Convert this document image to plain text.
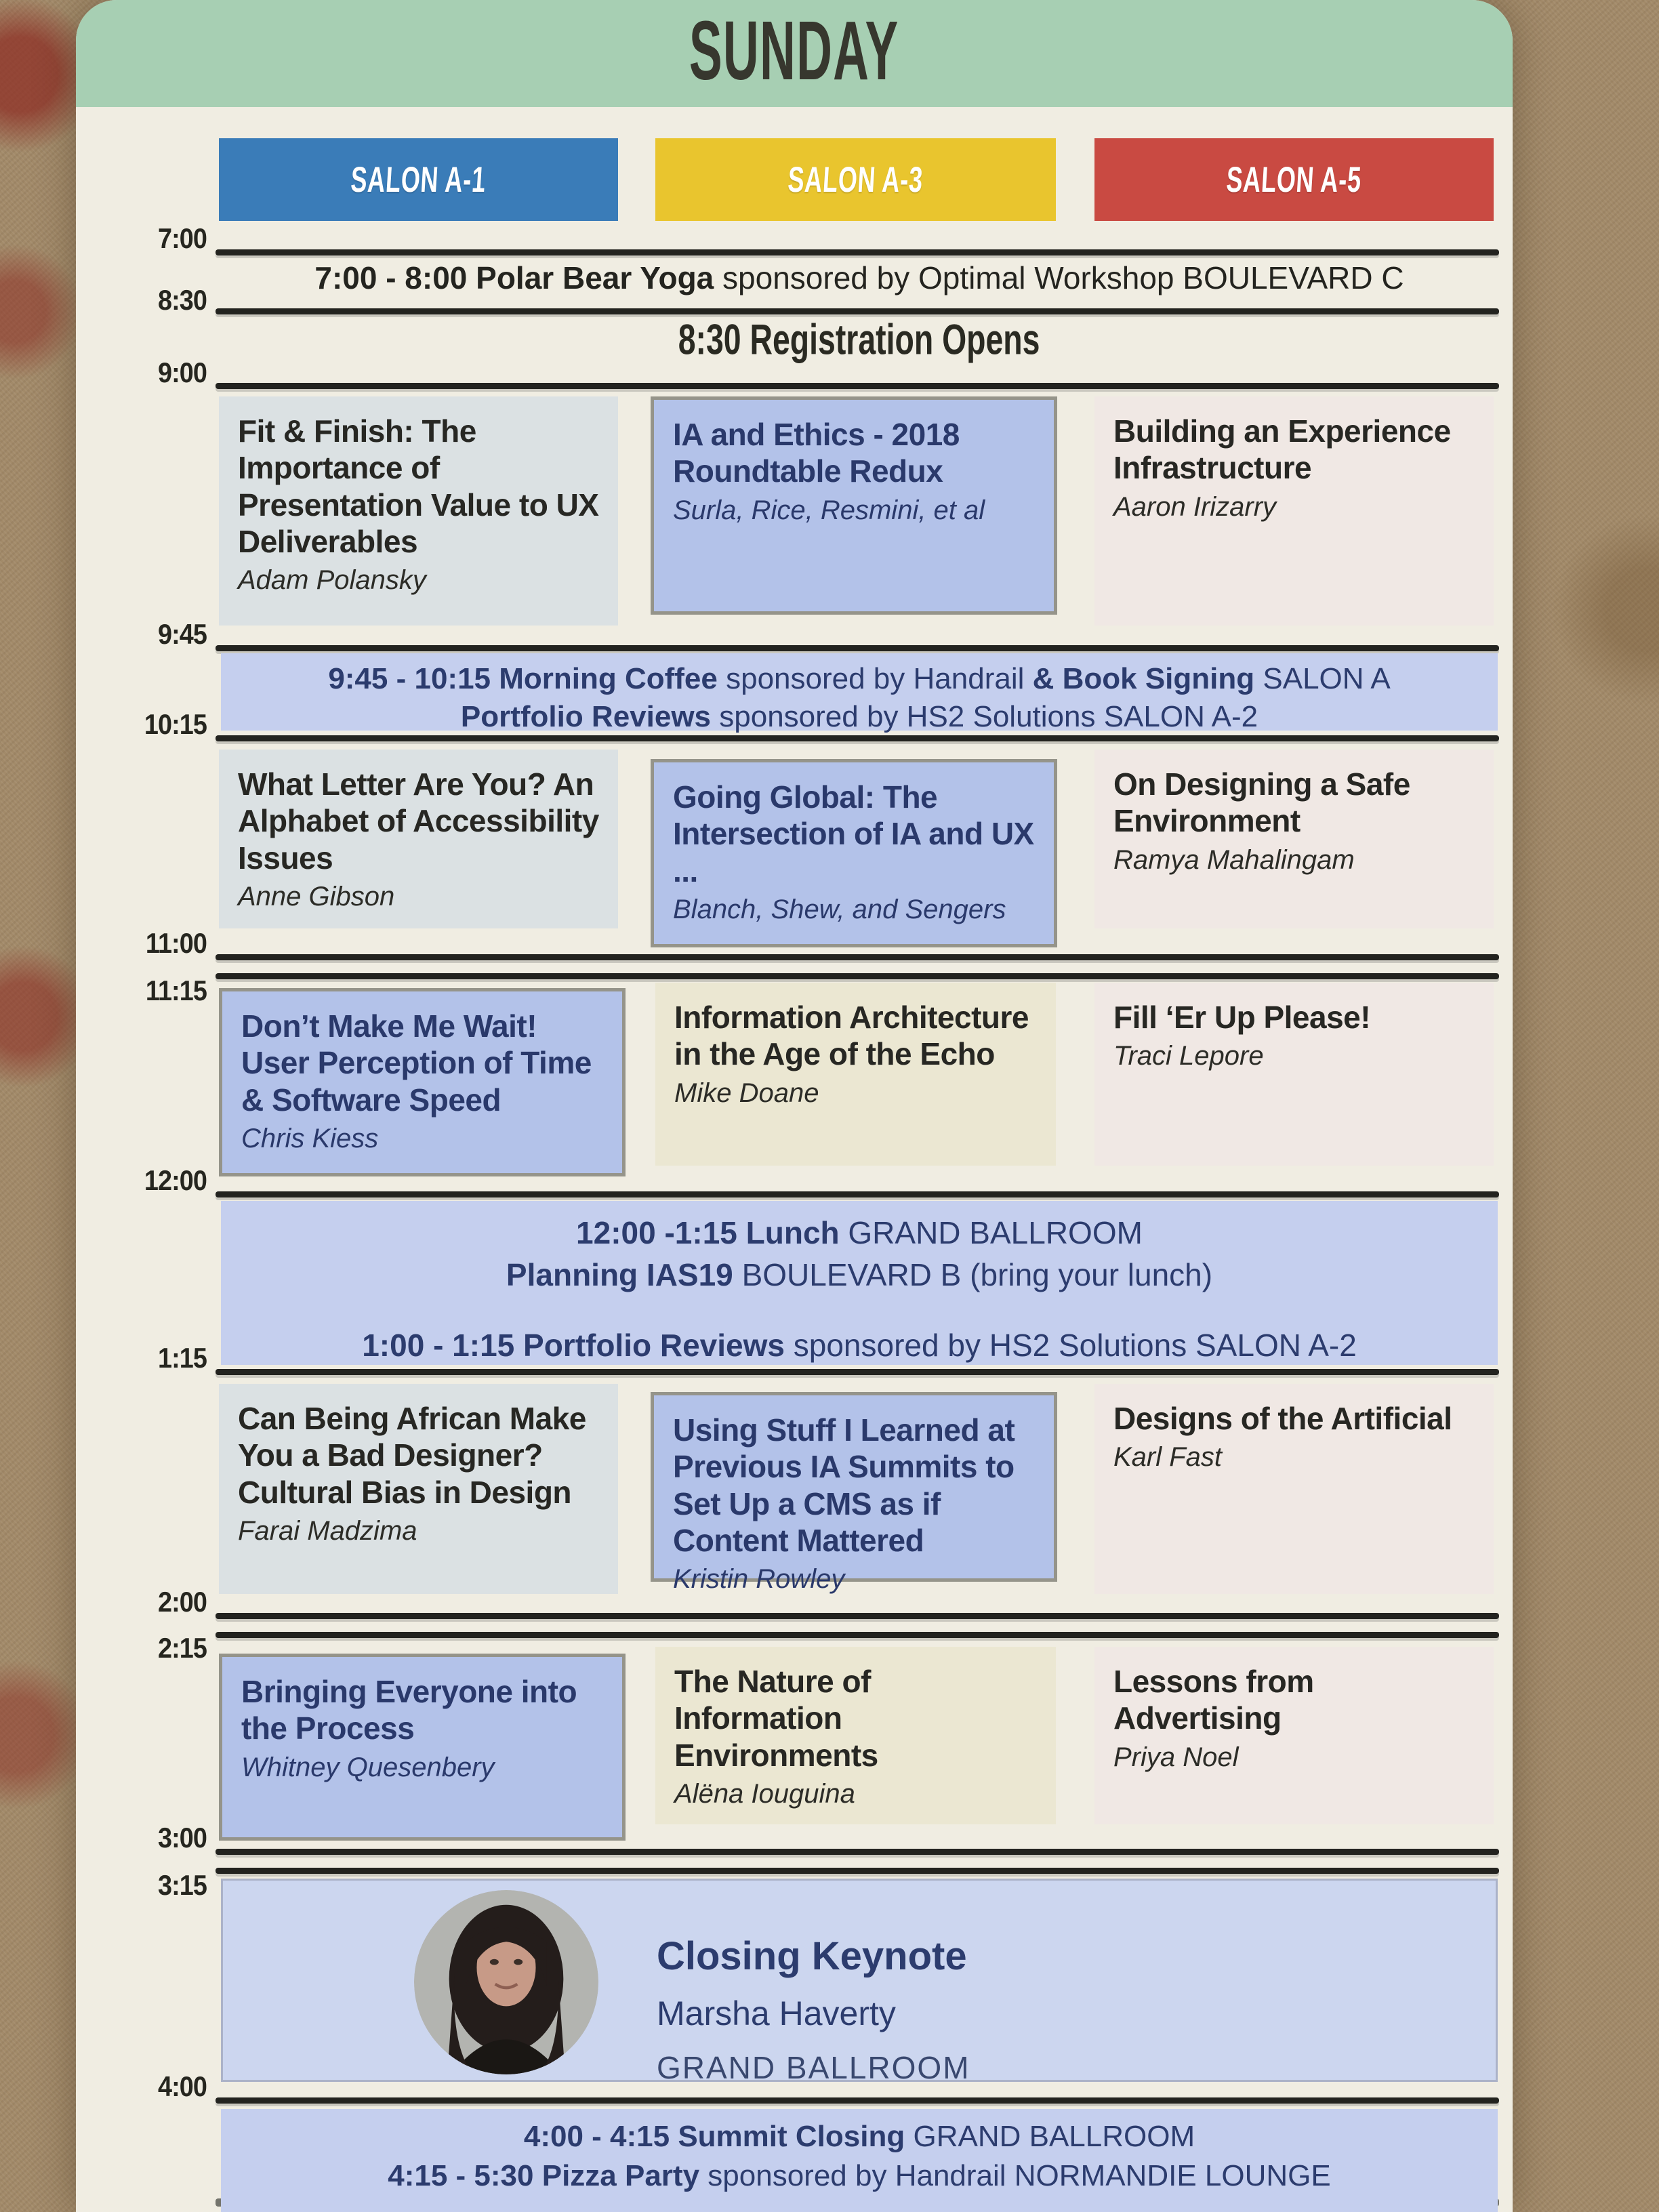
SUNDAY
SALON A-1	SALON A-3	SALON A-5
7:00
8:30
9:00
9:45
10:15
11:00
11:15
12:00
1:15
2:00
2:15
3:00
3:15
4:00
7:00 - 8:00 Polar Bear Yoga sponsored by Optimal Workshop BOULEVARD C
8:30 Registration Opens
Fit & Finish: The Importance of Presentation Value to UX Deliverables
Adam Polansky
IA and Ethics - 2018 Roundtable Redux
Surla, Rice, Resmini, et al
Building an Experience Infrastructure
Aaron Irizarry
9:45 - 10:15 Morning Coffee sponsored by Handrail & Book Signing SALON A
Portfolio Reviews sponsored by HS2 Solutions SALON A-2
What Letter Are You? An Alphabet of Accessibility Issues
Anne Gibson
Going Global: The Intersection of IA and UX ...
Blanch, Shew, and Sengers
On Designing a Safe Environment
Ramya Mahalingam
Don’t Make Me Wait! User Perception of Time & Software Speed
Chris Kiess
Information Architecture in the Age of the Echo
Mike Doane
Fill ‘Er Up Please!
Traci Lepore
12:00 -1:15 Lunch GRAND BALLROOM
Planning IAS19 BOULEVARD B (bring your lunch)
1:00 - 1:15 Portfolio Reviews sponsored by HS2 Solutions SALON A-2
Can Being African Make You a Bad Designer? Cultural Bias in Design
Farai Madzima
Using Stuff I Learned at Previous IA Summits to Set Up a CMS as if Content Mattered
Kristin Rowley
Designs of the Artificial
Karl Fast
Bringing Everyone into the Process
Whitney Quesenbery
The Nature of Information Environments
Alëna Iouguina
Lessons from Advertising
Priya Noel
Closing Keynote
Marsha Haverty
GRAND BALLROOM
4:00 - 4:15 Summit Closing GRAND BALLROOM
4:15 - 5:30 Pizza Party sponsored by Handrail NORMANDIE LOUNGE
